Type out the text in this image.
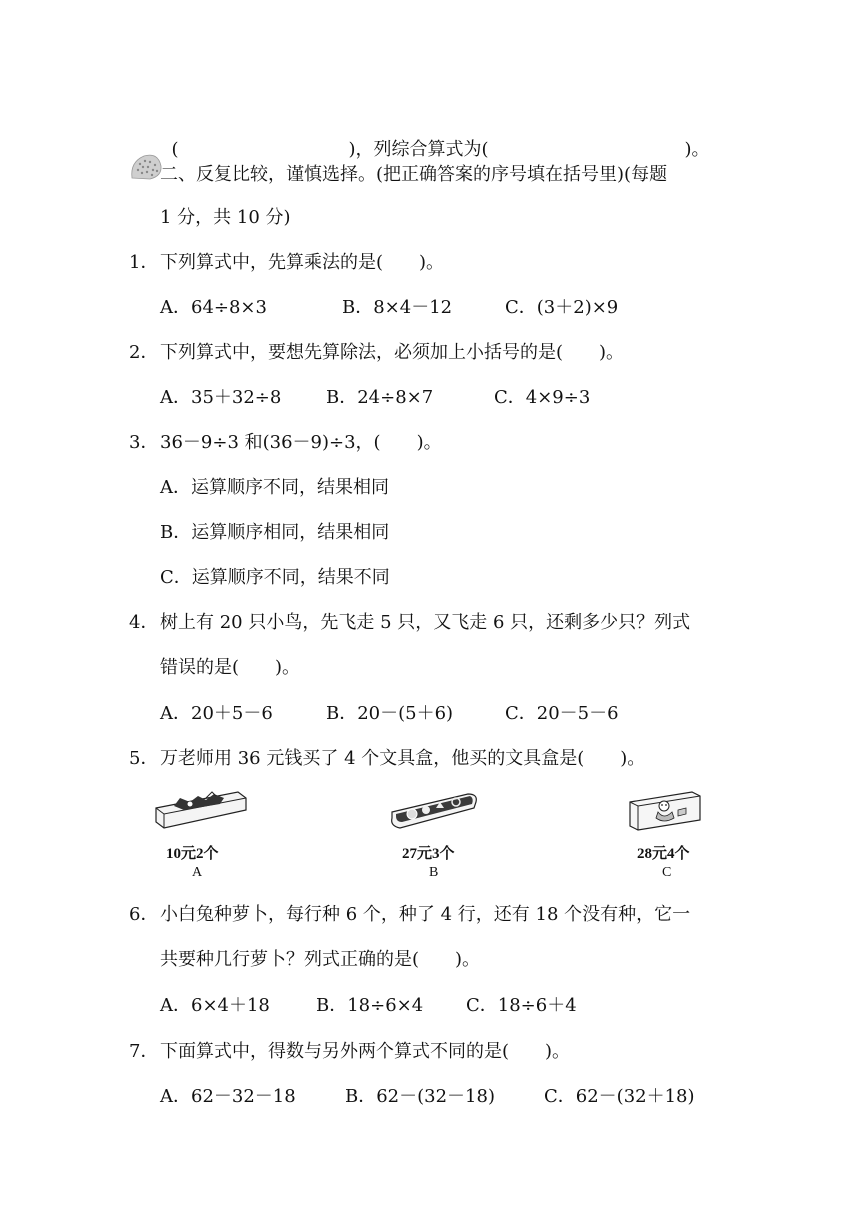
(	)，列综合算式为(	)。

二、反复比较，谨慎选择。(把正确答案的序号填在括号里)(每题
1 分，共 10 分)
1． 下列算式中，先算乘法的是(　　)。
A．64÷8×3	B．8×4－12	C．(3＋2)×9
2． 下列算式中，要想先算除法，必须加上小括号的是(　　)。
A．35＋32÷8 B．24÷8×7	C．4×9÷3
3． 36－9÷3 和(36－9)÷3，(　　)。
A．运算顺序不同，结果相同
B．运算顺序相同，结果相同
C．运算顺序不同，结果不同
4． 树上有 20 只小鸟，先飞走 5 只，又飞走 6 只，还剩多少只？列式
错误的是(　　)。
A．20＋5－6	B．20－(5＋6)	C．20－5－6
5． 万老师用 36 元钱买了 4 个文具盒，他买的文具盒是(　　)。
10元2个
A
27元3个
B
28元4个
C
6． 小白兔种萝卜，每行种 6 个，种了 4 行，还有 18 个没有种，它一
共要种几行萝卜？列式正确的是(　　)。
A．6×4＋18	B．18÷6×4 C．18÷6＋4
7． 下面算式中，得数与另外两个算式不同的是(　　)。
A．62－32－18	B．62－(32－18)	C．62－(32＋18)
